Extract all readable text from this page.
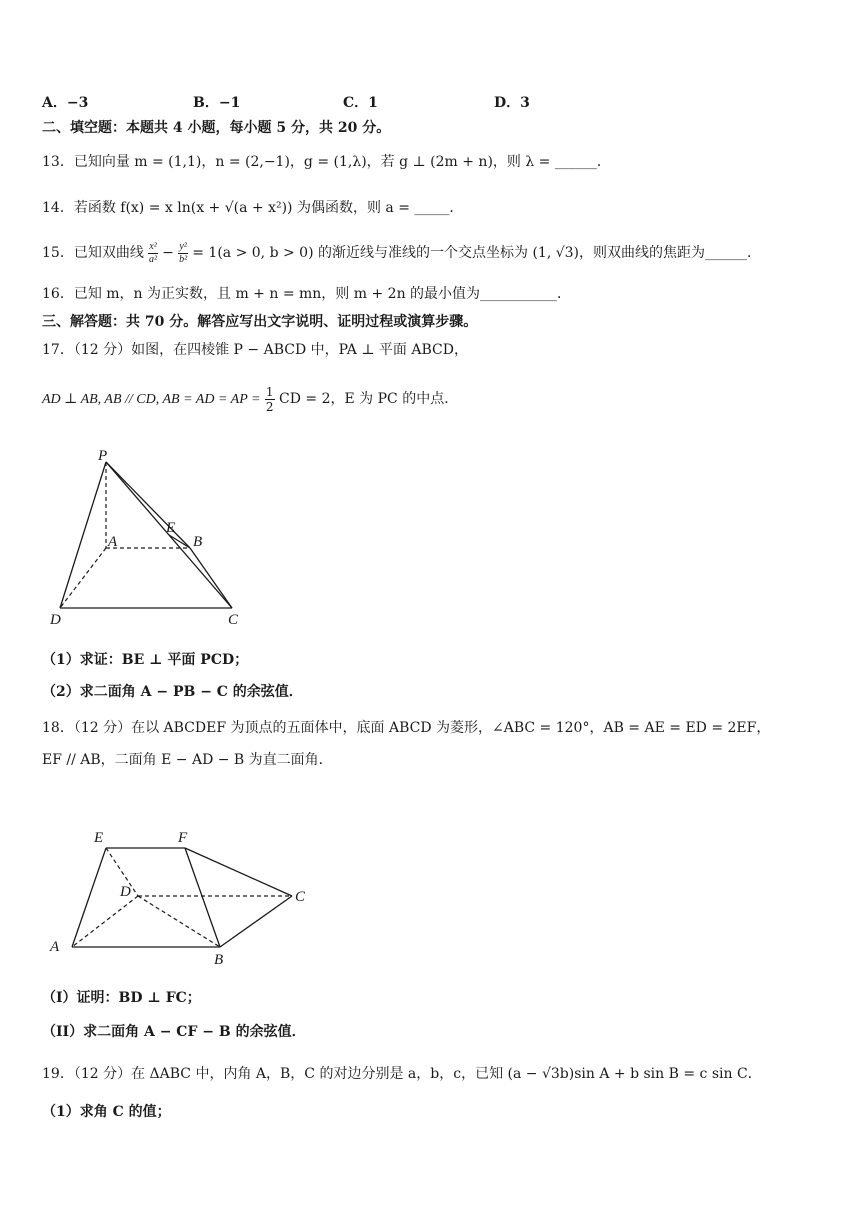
A．−3	B．−1	C．1	D．3
二、填空题：本题共 4 小题，每小题 5 分，共 20 分。
13．已知向量 m = (1,1)，n = (2,−1)，g = (1,λ)，若 g ⊥ (2m + n)，则 λ = ______．
14．若函数 f(x) = x ln(x + √(a + x²)) 为偶函数，则 a = _____．
15．已知双曲线 $\frac{\text{x²}}{\text{a²}} - \frac{\text{y²}}{\text{b²}} = 1(a > 0$, b > 0) 的渐近线与准线的一个交点坐标为 (1, √3)，则双曲线的焦距为______．
16．已知 m，n 为正实数，且 m + n = mn，则 m + 2n 的最小值为___________．
三、解答题：共 70 分。解答应写出文字说明、证明过程或演算步骤。
17．（12 分）如图，在四棱锥 P − ABCD 中，PA ⊥ 平面 ABCD，
AD ⊥ AB, AB // CD, AB = AD = AP = $\frac{1}{2}$ CD = 2，E 为 PC 的中点．
P
A	B
C
D
E
（1）求证：BE ⊥ 平面 PCD；
（2）求二面角 A − PB − C 的余弦值．
18．（12 分）在以 ABCDEF 为顶点的五面体中，底面 ABCD 为菱形，∠ABC = 120°，AB = AE = ED = 2EF，
EF // AB，二面角 E − AD − B 为直二面角．
E	F
D	C
A
B
（I）证明：BD ⊥ FC；
（II）求二面角 A − CF − B 的余弦值．
19．（12 分）在 ΔABC 中，内角 A，B，C 的对边分别是 a，b，c，已知 (a − √3b)sin A + b sin B = c sin C．
（1）求角 C 的值；
